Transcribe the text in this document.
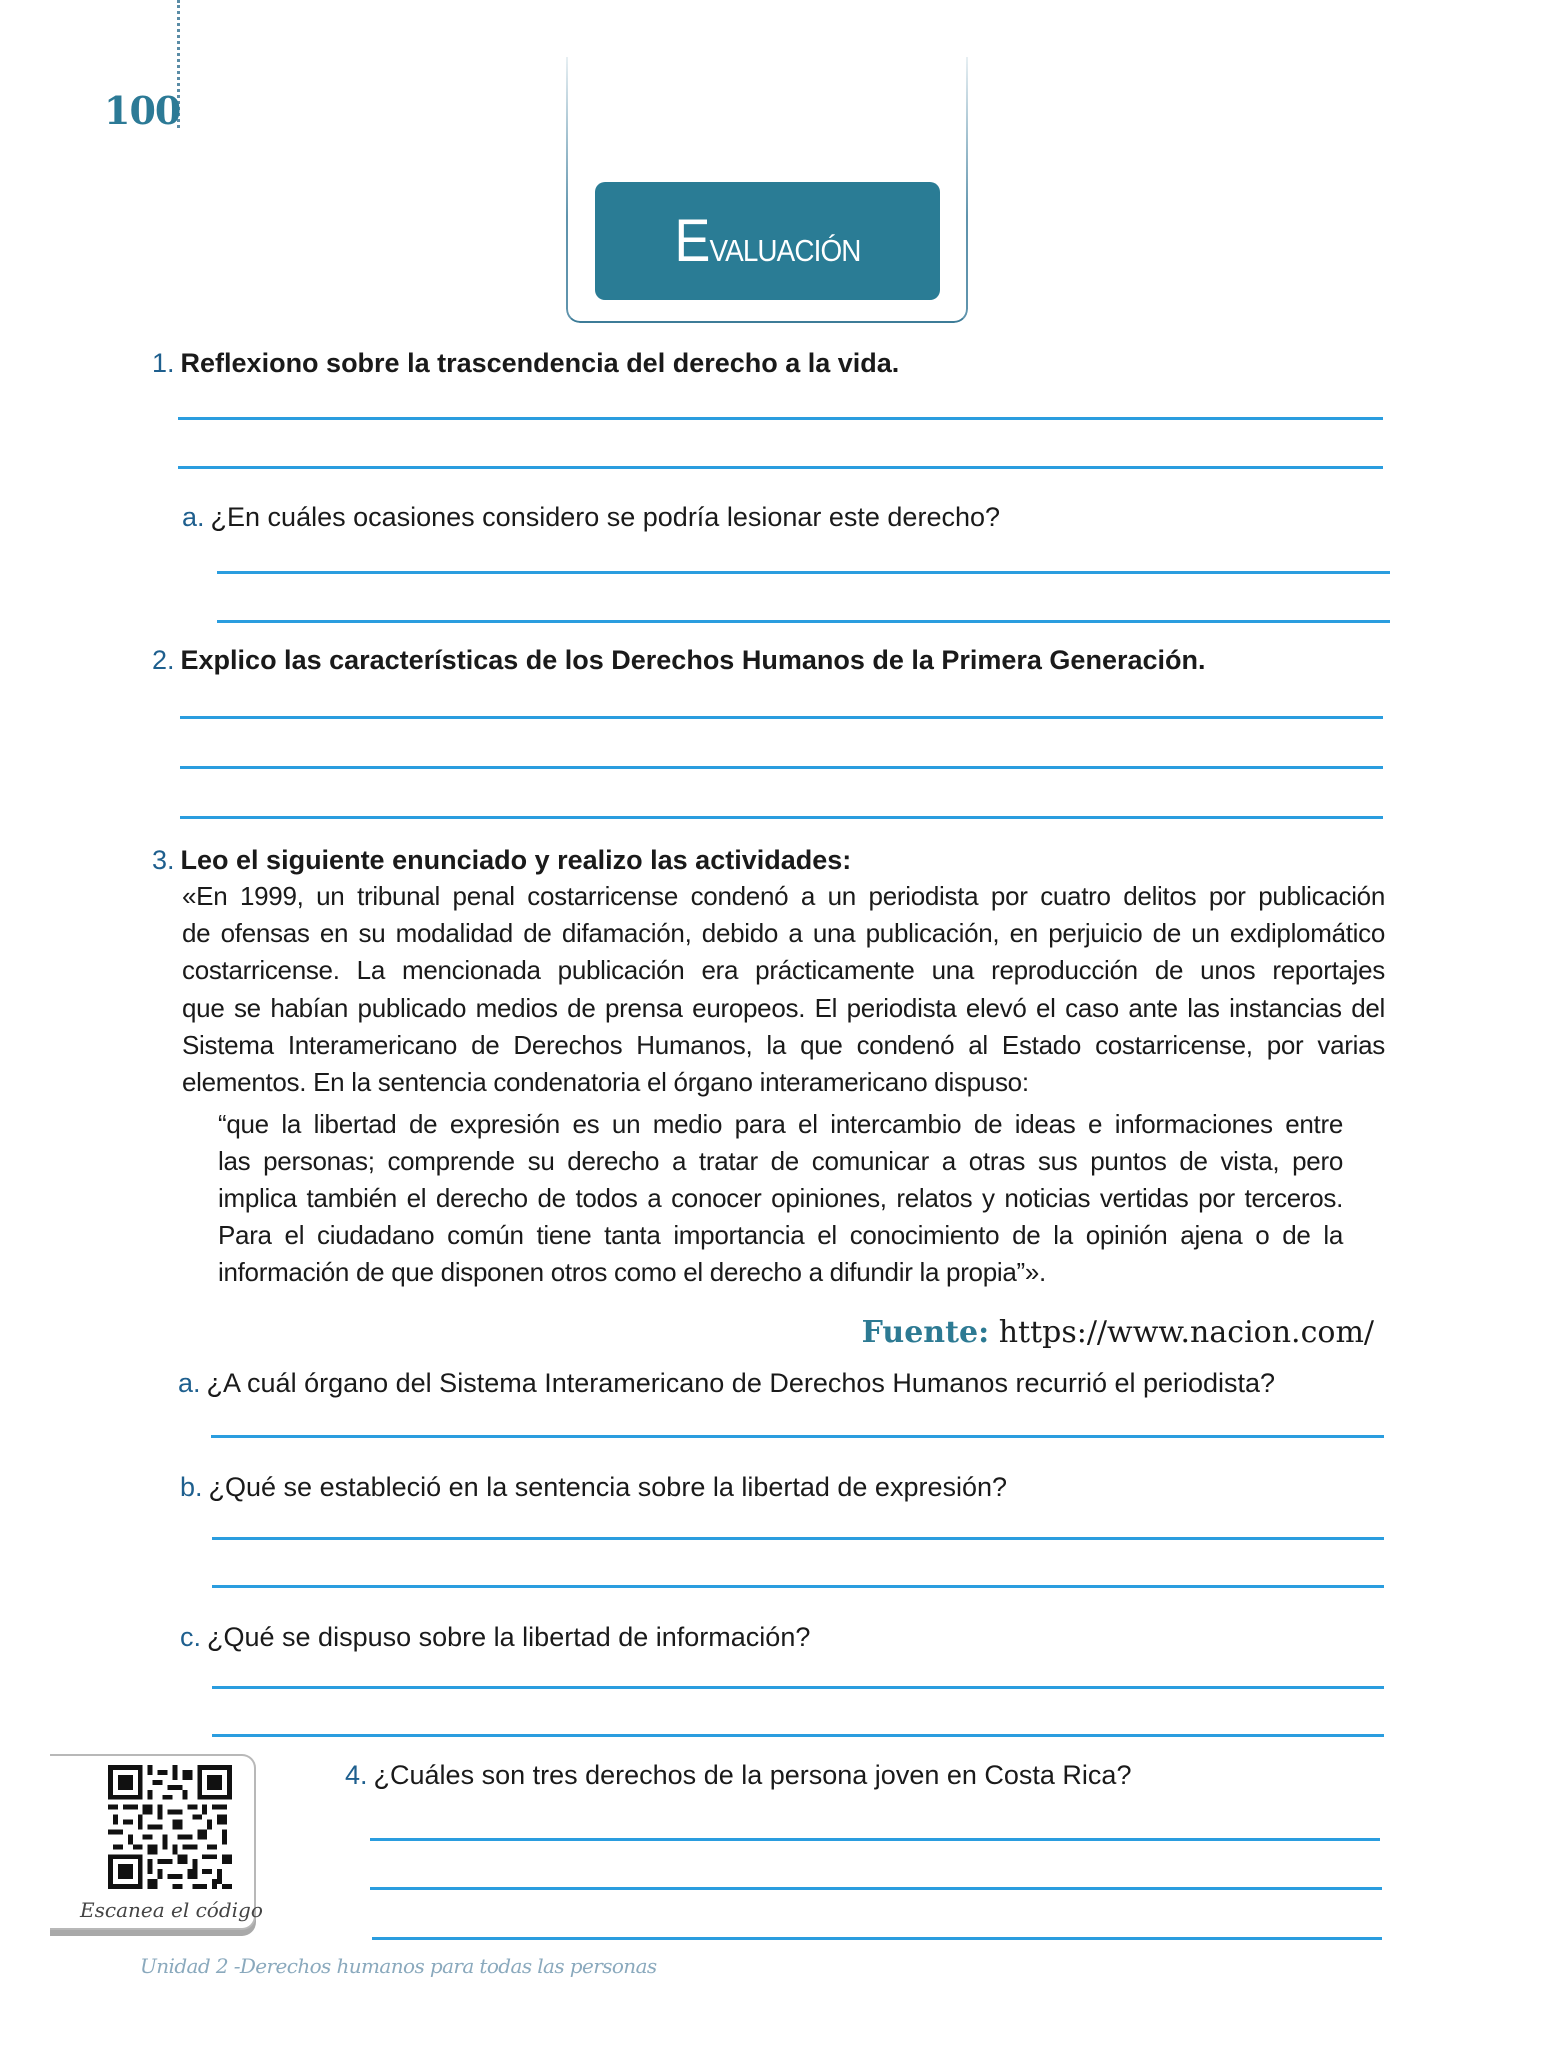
100
Evaluación
1. Reflexiono sobre la trascendencia del derecho a la vida.
a. ¿En cuáles ocasiones considero se podría lesionar este derecho?
2. Explico las características de los Derechos Humanos de la Primera Generación.
3. Leo el siguiente enunciado y realizo las actividades:
«En 1999, un tribunal penal costarricense condenó a un periodista por cuatro delitos por publicación
de ofensas en su modalidad de difamación, debido a una publicación, en perjuicio de un exdiplomático
costarricense. La mencionada publicación era prácticamente una reproducción de unos reportajes
que se habían publicado medios de prensa europeos. El periodista elevó el caso ante las instancias del
Sistema Interamericano de Derechos Humanos, la que condenó al Estado costarricense, por varias
elementos. En la sentencia condenatoria el órgano interamericano dispuso:
“que la libertad de expresión es un medio para el intercambio de ideas e informaciones entre
las personas; comprende su derecho a tratar de comunicar a otras sus puntos de vista, pero
implica también el derecho de todos a conocer opiniones, relatos y noticias vertidas por terceros.
Para el ciudadano común tiene tanta importancia el conocimiento de la opinión ajena o de la
información de que disponen otros como el derecho a difundir la propia”».
Fuente: https://www.nacion.com/
a. ¿A cuál órgano del Sistema Interamericano de Derechos Humanos recurrió el periodista?
b. ¿Qué se estableció en la sentencia sobre la libertad de expresión?
c. ¿Qué se dispuso sobre la libertad de información?
Escanea el código
4. ¿Cuáles son tres derechos de la persona joven en Costa Rica?
Unidad 2 -Derechos humanos para todas las personas
